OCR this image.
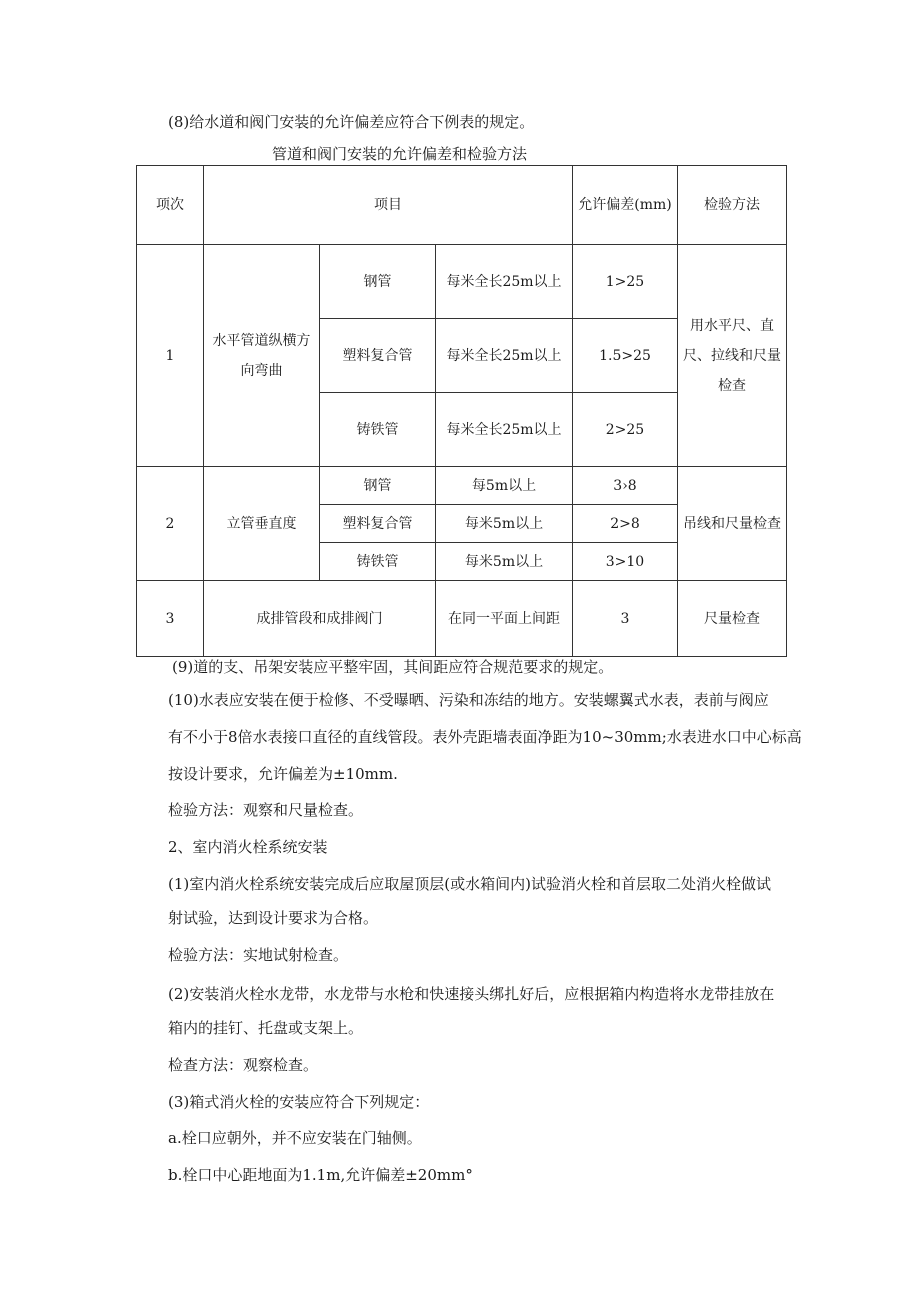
(8)给水道和阀门安装的允许偏差应符合下例表的规定。
管道和阀门安装的允许偏差和检验方法
项次	项目			允许偏差(mm)	检验方法
1	水平管道纵横方向弯曲	钢管	每米全长25m以上	1>25	用水平尺、直尺、拉线和尺量检查
		塑料复合管	每米全长25m以上	1.5>25	
		铸铁管	每米全长25m以上	2>25	
2	立管垂直度	钢管	每5m以上	3›8	吊线和尺量检查
		塑料复合管	每米5m以上	2>8	
		铸铁管	每米5m以上	3>10	
3	成排管段和成排阀门		在同一平面上间距	3	尺量检查
(9)道的支、吊架安装应平整牢固，其间距应符合规范要求的规定。
(10)水表应安装在便于检修、不受曝晒、污染和冻结的地方。安装螺翼式水表，表前与阀应
有不小于8倍水表接口直径的直线管段。表外壳距墙表面净距为10~30mm;水表进水口中心标高
按设计要求，允许偏差为±10mm.
检验方法：观察和尺量检查。
2、室内消火栓系统安装
(1)室内消火栓系统安装完成后应取屋顶层(或水箱间内)试验消火栓和首层取二处消火栓做试
射试验，达到设计要求为合格。
检验方法：实地试射检查。
(2)安装消火栓水龙带，水龙带与水枪和快速接头绑扎好后，应根据箱内构造将水龙带挂放在
箱内的挂钉、托盘或支架上。
检查方法：观察检查。
(3)箱式消火栓的安装应符合下列规定：
a.栓口应朝外，并不应安装在门轴侧。
b.栓口中心距地面为1.1m,允许偏差±20mm°
